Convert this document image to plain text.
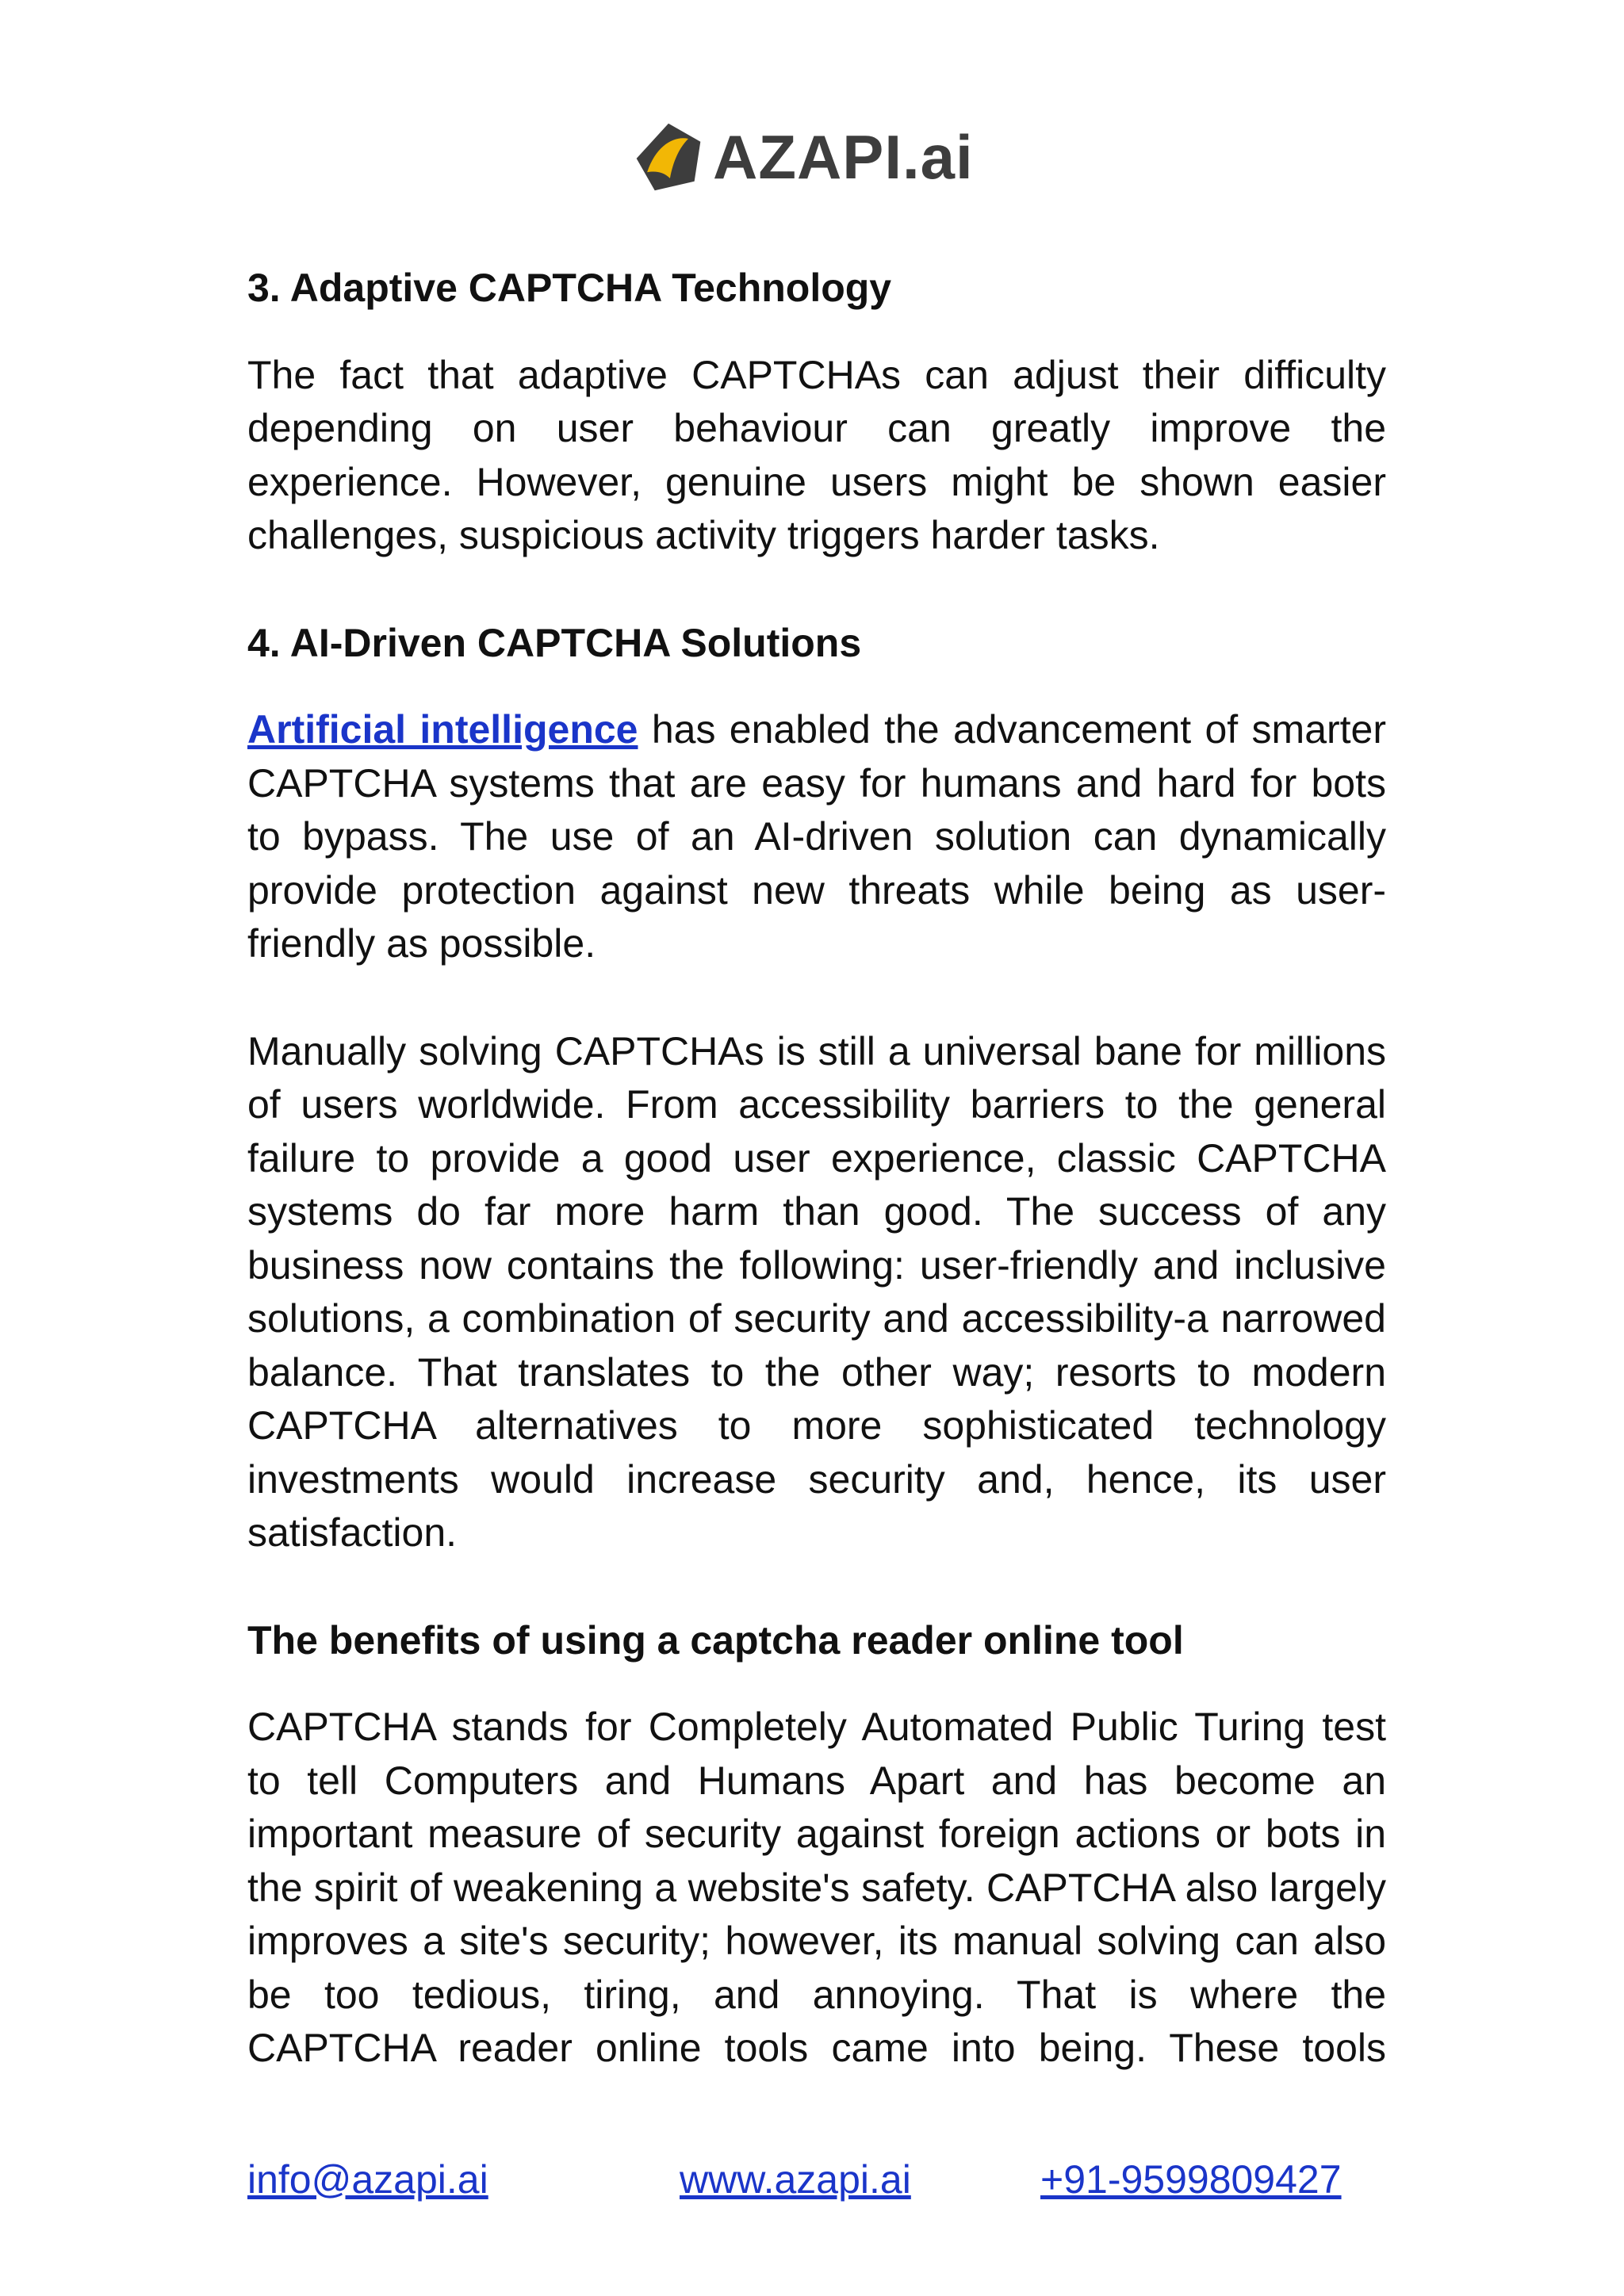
AZAPI.ai
3. Adaptive CAPTCHA Technology

The fact that adaptive CAPTCHAs can adjust their difficulty depending on user behaviour can greatly improve the experience. However, genuine users might be shown easier challenges, suspicious activity triggers harder tasks.

4. AI-Driven CAPTCHA Solutions

Artificial intelligence has enabled the advancement of smarter CAPTCHA systems that are easy for humans and hard for bots to bypass. The use of an AI-driven solution can dynamically provide protection against new threats while being as user-friendly as possible.

Manually solving CAPTCHAs is still a universal bane for millions of users worldwide. From accessibility barriers to the general failure to provide a good user experience, classic CAPTCHA systems do far more harm than good. The success of any business now contains the following: user-friendly and inclusive solutions, a combination of security and accessibility-a narrowed balance. That translates to the other way; resorts to modern CAPTCHA alternatives to more sophisticated technology investments would increase security and, hence, its user satisfaction.

The benefits of using a captcha reader online tool

CAPTCHA stands for Completely Automated Public Turing test to tell Computers and Humans Apart and has become an important measure of security against foreign actions or bots in the spirit of weakening a website's safety. CAPTCHA also largely improves a site's security; however, its manual solving can also be too tedious, tiring, and annoying. That is where the CAPTCHA reader online tools came into being. These tools

info@azapi.ai	www.azapi.ai	+91-9599809427
